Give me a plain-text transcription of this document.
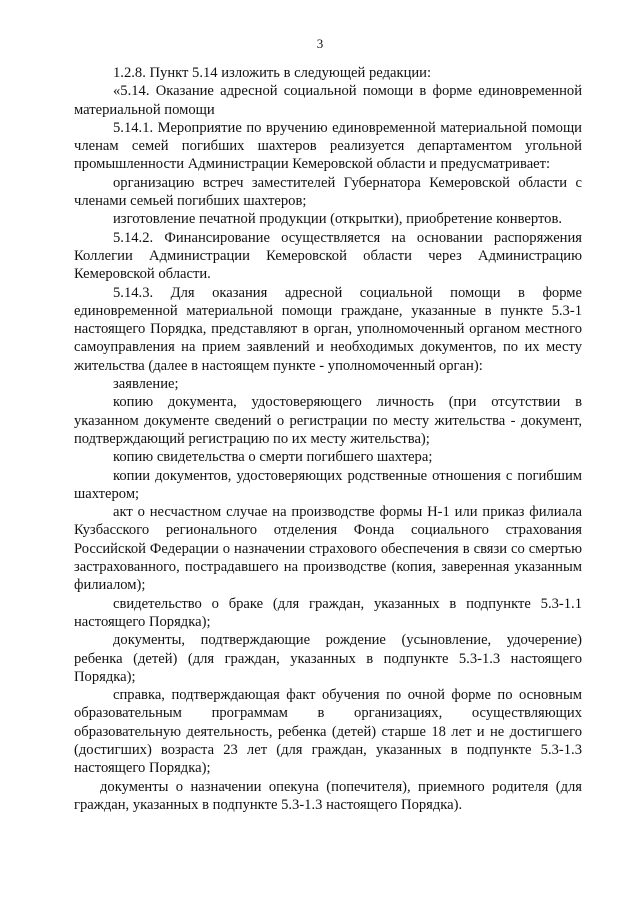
3

1.2.8. Пункт 5.14 изложить в следующей редакции:

«5.14. Оказание адресной социальной помощи в форме единовременной материальной помощи

5.14.1. Мероприятие по вручению единовременной материальной помощи членам семей погибших шахтеров реализуется департаментом угольной промышленности Администрации Кемеровской области и предусматривает:

организацию встреч заместителей Губернатора Кемеровской области с членами семьей погибших шахтеров;

изготовление печатной продукции (открытки), приобретение конвертов.

5.14.2. Финансирование осуществляется на основании распоряжения Коллегии Администрации Кемеровской области через Администрацию Кемеровской области.

5.14.3. Для оказания адресной социальной помощи в форме единовременной материальной помощи граждане, указанные в пункте 5.3-1 настоящего Порядка, представляют в орган, уполномоченный органом местного самоуправления на прием заявлений и необходимых документов, по их месту жительства (далее в настоящем пункте - уполномоченный орган):

заявление;

копию документа, удостоверяющего личность (при отсутствии в указанном документе сведений о регистрации по месту жительства - документ, подтверждающий регистрацию по их месту жительства);

копию свидетельства о смерти погибшего шахтера;

копии документов, удостоверяющих родственные отношения с погибшим шахтером;

акт о несчастном случае на производстве формы Н-1 или приказ филиала Кузбасского регионального отделения Фонда социального страхования Российской Федерации о назначении страхового обеспечения в связи со смертью застрахованного, пострадавшего на производстве (копия, заверенная указанным филиалом);

свидетельство о браке (для граждан, указанных в подпункте 5.3-1.1 настоящего Порядка);

документы, подтверждающие рождение (усыновление, удочерение) ребенка (детей) (для граждан, указанных в подпункте 5.3-1.3 настоящего Порядка);

справка, подтверждающая факт обучения по очной форме по основным образовательным программам в организациях, осуществляющих образовательную деятельность, ребенка (детей) старше 18 лет и не достигшего (достигших) возраста 23 лет (для граждан, указанных в подпункте 5.3-1.3 настоящего Порядка);

документы о назначении опекуна (попечителя), приемного родителя (для граждан, указанных в подпункте 5.3-1.3 настоящего Порядка).
